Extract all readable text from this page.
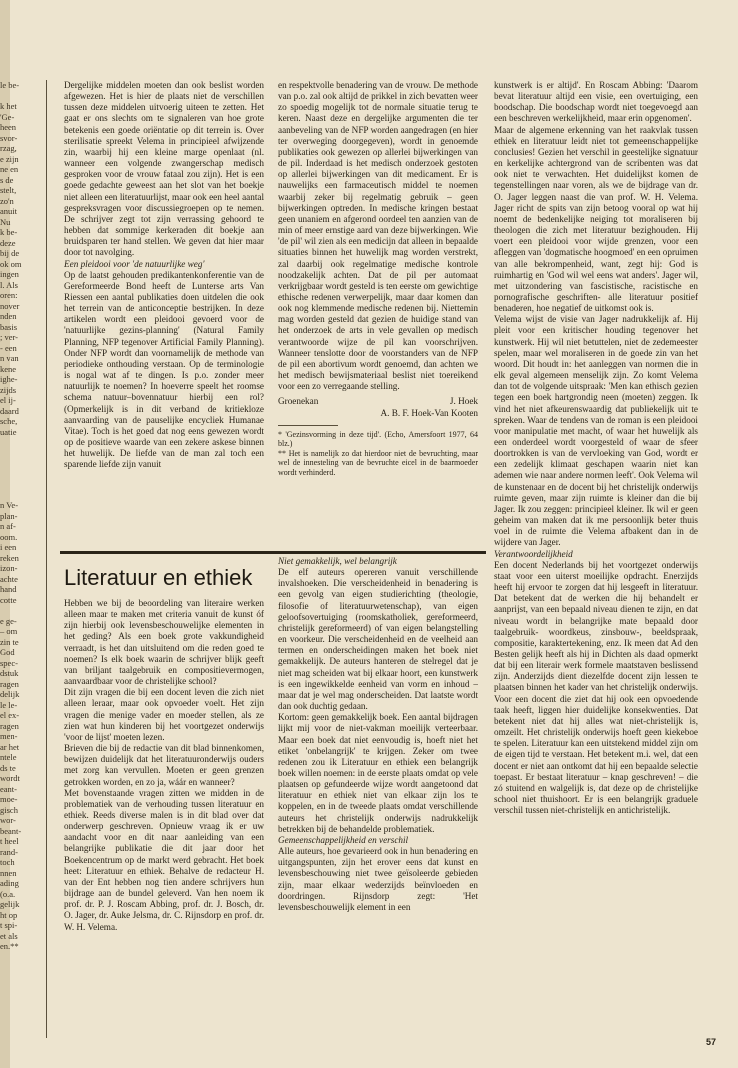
le be-

k het
'Ge-
heen
svor-
rzag,
e zijn
ne en
s de
stelt,
zo'n
anuit
Nu
k be-
deze
bij de
ok om
ingen
l. Als
oren:
nover
nden
basis
; ver-
- een
n van
kene
ighe-
zijds
el ij-
daard
sche,
uatie

n Ve-
plan-
n af-
oom.
i een
reken
izon-
achte
hand
cotte

e ge-
– om
zin te
God
spec-
dstuk
ragen
delijk
le le-
el ex-
ragen
men-
ar het
ntele
ds te
wordt
eant-
moe-
gisch
wor-
beant-
t heel
rand-
toch
nnen
ading
(o.a.
gelijk
ht op
t spi-
et als
en.**

Dergelijke middelen moeten dan ook beslist worden afgewezen. Het is hier de plaats niet de verschillen tussen deze middelen uitvoerig uiteen te zetten. Het gaat er ons slechts om te signaleren van hoe grote betekenis een goede oriëntatie op dit terrein is. Over sterilisatie spreekt Velema in principieel afwijzende zin, waarbij hij een kleine marge openlaat (nl. wanneer een volgende zwangerschap medisch gesproken voor de vrouw fataal zou zijn). Het is een goede gedachte geweest aan het slot van het boekje niet alleen een literatuurlijst, maar ook een heel aantal gespreksvragen voor discussiegroepen op te nemen. De schrijver zegt tot zijn verrassing gehoord te hebben dat sommige kerkeraden dit boekje aan bruidsparen ter hand stellen. We geven dat hier maar door tot navolging.

Een pleidooi voor 'de natuurlijke weg'

Op de laatst gehouden predikantenkonferentie van de Gereformeerde Bond heeft de Lunterse arts Van Riessen een aantal publikaties doen uitdelen die ook het terrein van de anticonceptie bestrijken. In deze artikelen wordt een pleidooi gevoerd voor de 'natuurlijke gezins-planning' (Natural Family Planning, NFP tegenover Artificial Family Planning). Onder NFP wordt dan voornamelijk de methode van periodieke onthouding verstaan. Op de terminologie is nogal wat af te dingen. Is p.o. zonder meer natuurlijk te noemen? In hoeverre speelt het roomse schema natuur–bovennatuur hierbij een rol? (Opmerkelijk is in dit verband de kritiekloze aanvaarding van de pauselijke encycliek Humanae Vitae). Toch is het goed dat nog eens gewezen wordt op de positieve waarde van een zekere askese binnen het huwelijk. De liefde van de man zal toch een sparende liefde zijn vanuit

Literatuur en ethiek

Hebben we bij de beoordeling van literaire werken alleen maar te maken met criteria vanuit de kunst óf zijn hierbij ook levensbeschouwelijke elementen in het geding? Als een boek grote vakkundigheid verraadt, is het dan uitsluitend om die reden goed te noemen? Is elk boek waarin de schrijver blijk geeft van briljant taalgebruik en compositievermogen, aanvaardbaar voor de christelijke school?

Dit zijn vragen die bij een docent leven die zich niet alleen leraar, maar ook opvoeder voelt. Het zijn vragen die menige vader en moeder stellen, als ze zien wat hun kinderen bij het voortgezet onderwijs 'voor de lijst' moeten lezen.

Brieven die bij de redactie van dit blad binnenkomen, bewijzen duidelijk dat het literatuuronderwijs ouders met zorg kan vervullen. Moeten er geen grenzen getrokken worden, en zo ja, wáár en wanneer?

Met bovenstaande vragen zitten we midden in de problematiek van de verhouding tussen literatuur en ethiek. Reeds diverse malen is in dit blad over dat onderwerp geschreven. Opnieuw vraag ik er uw aandacht voor en dit naar aanleiding van een belangrijke publikatie die dit jaar door het Boekencentrum op de markt werd gebracht. Het boek heet: Literatuur en ethiek. Behalve de redacteur H. van der Ent hebben nog tien andere schrijvers hun bijdrage aan de bundel geleverd. Van hen noem ik prof. dr. P. J. Roscam Abbing, prof. dr. J. Bosch, dr. O. Jager, dr. Auke Jelsma, dr. C. Rijnsdorp en prof. dr. W. H. Velema.

en respektvolle benadering van de vrouw. De methode van p.o. zal ook altijd de prikkel in zich bevatten weer zo spoedig mogelijk tot de normale situatie terug te keren. Naast deze en dergelijke argumenten die ter aanbeveling van de NFP worden aangedragen (en hier ter overweging doorgegeven), wordt in genoemde publikaties ook gewezen op allerlei bijwerkingen van de pil. Inderdaad is het medisch onderzoek gestoten op allerlei bijwerkingen van dit medicament. Er is nauwelijks een farmaceutisch middel te noemen waarbij zeker bij regelmatig gebruik – geen bijwerkingen optreden. In medische kringen bestaat geen unaniem en afgerond oordeel ten aanzien van de min of meer ernstige aard van deze bijwerkingen. Wie 'de pil' wil zien als een medicijn dat alleen in bepaalde situaties binnen het huwelijk mag worden verstrekt, zal daarbij ook regelmatige medische kontrole noodzakelijk achten. Dat de pil per automaat verkrijgbaar wordt gesteld is ten eerste om gewichtige ethische redenen verwerpelijk, maar daar komen dan ook nog klemmende medische redenen bij. Niettemin mag worden gesteld dat gezien de huidige stand van het onderzoek de arts in vele gevallen op medisch verantwoorde wijze de pil kan voorschrijven. Wanneer tenslotte door de voorstanders van de NFP de pil een abortivum wordt genoemd, dan achten we het medisch bewijsmateriaal beslist niet toereikend voor een zo verregaande stelling.

Groenekan	J. Hoek
A. B. F. Hoek-Van Kooten

* 'Gezinsvorming in deze tijd'. (Echo, Amersfoort 1977, 64 blz.)

** Het is namelijk zo dat hierdoor niet de bevruchting, maar wel de innesteling van de bevruchte eicel in de baarmoeder wordt verhinderd.

Niet gemakkelijk, wel belangrijk

De elf auteurs opereren vanuit verschillende invalshoeken. Die verscheidenheid in benadering is een gevolg van eigen studierichting (theologie, filosofie of literatuurwetenschap), van eigen geloofsovertuiging (roomskatholiek, gereformeerd, christelijk gereformeerd) of van eigen belangstelling en voorkeur. Die verscheidenheid en de veelheid aan termen en onderscheidingen maken het boek niet gemakkelijk. De auteurs hanteren de stelregel dat je niet mag scheiden wat bij elkaar hoort, een kunstwerk is een ingewikkelde eenheid van vorm en inhoud – maar dat je wel mag onderscheiden. Dat laatste wordt dan ook duchtig gedaan.

Kortom: geen gemakkelijk boek. Een aantal bijdragen lijkt mij voor de niet-vakman moeilijk verteerbaar. Maar een boek dat niet eenvoudig is, hoeft niet het etiket 'onbelangrijk' te krijgen. Zeker om twee redenen zou ik Literatuur en ethiek een belangrijk boek willen noemen: in de eerste plaats omdat op vele plaatsen op gefundeerde wijze wordt aangetoond dat literatuur en ethiek niet van elkaar zijn los te koppelen, en in de tweede plaats omdat verschillende auteurs het christelijk onderwijs nadrukkelijk betrekken bij de behandelde problematiek.

Gemeenschappelijkheid en verschil

Alle auteurs, hoe gevarieerd ook in hun benadering en uitgangspunten, zijn het erover eens dat kunst en levensbeschouwing niet twee geïsoleerde gebieden zijn, maar elkaar wederzijds beïnvloeden en doordringen. Rijnsdorp zegt: 'Het levensbeschouwelijk element in een

kunstwerk is er altijd'. En Roscam Abbing: 'Daarom bevat literatuur altijd een visie, een overtuiging, een boodschap. Die boodschap wordt niet toegevoegd aan een beschreven werkelijkheid, maar erin opgenomen'.

Maar de algemene erkenning van het raakvlak tussen ethiek en literatuur leidt niet tot gemeenschappelijke conclusies! Gezien het verschil in geestelijke signatuur en kerkelijke achtergrond van de scribenten was dat ook niet te verwachten. Het duidelijkst komen de tegenstellingen naar voren, als we de bijdrage van dr. O. Jager leggen naast die van prof. W. H. Velema. Jager richt de spits van zijn betoog vooral op wat hij noemt de bedenkelijke neiging tot moraliseren bij theologen die zich met literatuur bezighouden. Hij voert een pleidooi voor wijde grenzen, voor een afleggen van 'dogmatische hoogmoed' en een opruimen van alle bekrompenheid, want, zegt hij: God is ruimhartig en 'God wil wel eens wat anders'. Jager wil, met uitzondering van fascistische, racistische en pornografische geschriften- alle literatuur positief benaderen, hoe negatief de uitkomst ook is.

Velema wijst de visie van Jager nadrukkelijk af. Hij pleit voor een kritischer houding tegenover het kunstwerk. Hij wil niet betuttelen, niet de zedemeester spelen, maar wel moraliseren in de goede zin van het woord. Dit houdt in: het aanleggen van normen die in elk geval algemeen menselijk zijn. Zo komt Velema dan tot de volgende uitspraak: 'Men kan ethisch gezien tegen een boek hartgrondig neen (moeten) zeggen. Ik vind het niet afkeurenswaardig dat publiekelijk uit te spreken. Waar de tendens van de roman is een pleidooi voor manipulatie met macht, of waar het huwelijk als een onderdeel wordt voorgesteld of waar de sfeer doortrokken is van de vervloeking van God, wordt er een zedelijk klimaat geschapen waarin niet kan ademen wie naar andere normen leeft'. Ook Velema wil de kunstenaar en de docent bij het christelijk onderwijs ruimte geven, maar zijn ruimte is kleiner dan die bij Jager. Ik zou zeggen: principieel kleiner. Ik wil er geen geheim van maken dat ik me persoonlijk beter thuis voel in de ruimte die Velema afbakent dan in de wijdere van Jager.

Verantwoordelijkheid

Een docent Nederlands bij het voortgezet onderwijs staat voor een uiterst moeilijke opdracht. Enerzijds heeft hij ervoor te zorgen dat hij lesgeeft in literatuur. Dat betekent dat de werken die hij behandelt er aanprijst, van een bepaald niveau dienen te zijn, en dat niveau wordt in belangrijke mate bepaald door taalgebruik- woordkeus, zinsbouw-, beeldspraak, compositie, karaktertekening, enz. Ik meen dat Ad den Besten gelijk heeft als hij in Dichten als daad opmerkt dat bij een literair werk formele maatstaven beslissend zijn. Anderzijds dient diezelfde docent zijn lessen te plaatsen binnen het kader van het christelijk onderwijs. Voor een docent die ziet dat hij ook een opvoedende taak heeft, liggen hier duidelijke konsekwenties. Dat betekent niet dat hij alles wat niet-christelijk is, omzeilt. Het christelijk onderwijs hoeft geen kiekeboe te spelen. Literatuur kan een uitstekend middel zijn om de eigen tijd te verstaan. Het betekent m.i. wel, dat een docent er niet aan ontkomt dat hij een bepaalde selectie toepast. Er bestaat literatuur – knap geschreven! – die zó stuitend en walgelijk is, dat deze op de christelijke school niet thuishoort. Er is een belangrijk graduele verschil tussen niet-christelijk en antichristelijk.

57
